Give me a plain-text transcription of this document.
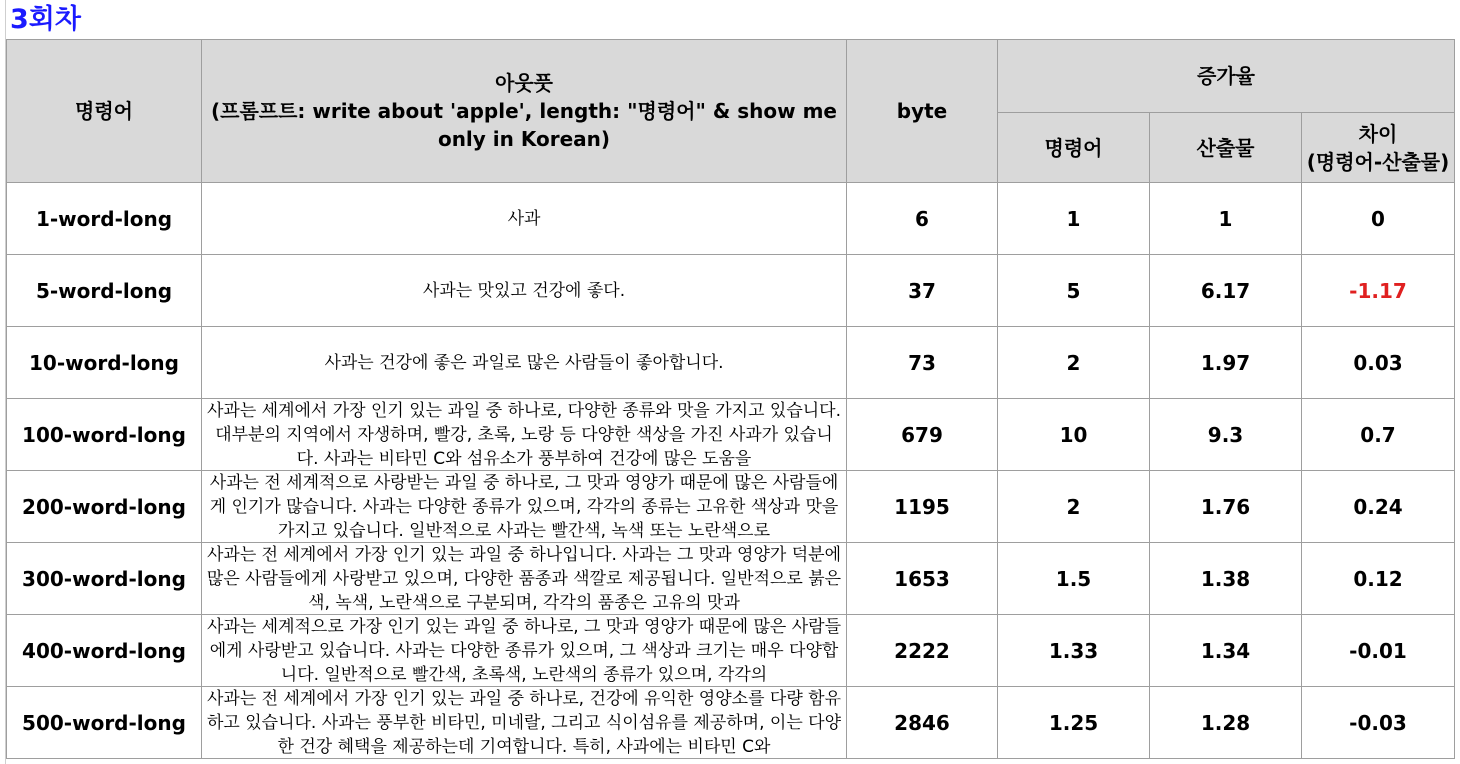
3회차
명령어	아웃풋
(프롬프트: write about 'apple', length: "명령어" & show me only in Korean)	byte	증가율		
			명령어	산출물	차이
(명령어-산출물)

1-word-long	사과	6	1	1	0
5-word-long	사과는 맛있고 건강에 좋다.	37	5	6.17	-1.17
10-word-long	사과는 건강에 좋은 과일로 많은 사람들이 좋아합니다.	73	2	1.97	0.03
100-word-long	사과는 세계에서 가장 인기 있는 과일 중 하나로, 다양한 종류와 맛을 가지고 있습니다. 대부분의 지역에서 자생하며, 빨강, 초록, 노랑 등 다양한 색상을 가진 사과가 있습니다. 사과는 비타민 C와 섬유소가 풍부하여 건강에 많은 도움을	679	10	9.3	0.7
200-word-long	사과는 전 세계적으로 사랑받는 과일 중 하나로, 그 맛과 영양가 때문에 많은 사람들에게 인기가 많습니다. 사과는 다양한 종류가 있으며, 각각의 종류는 고유한 색상과 맛을 가지고 있습니다. 일반적으로 사과는 빨간색, 녹색 또는 노란색으로	1195	2	1.76	0.24
300-word-long	사과는 전 세계에서 가장 인기 있는 과일 중 하나입니다. 사과는 그 맛과 영양가 덕분에 많은 사람들에게 사랑받고 있으며, 다양한 품종과 색깔로 제공됩니다. 일반적으로 붉은색, 녹색, 노란색으로 구분되며, 각각의 품종은 고유의 맛과	1653	1.5	1.38	0.12
400-word-long	사과는 세계적으로 가장 인기 있는 과일 중 하나로, 그 맛과 영양가 때문에 많은 사람들에게 사랑받고 있습니다. 사과는 다양한 종류가 있으며, 그 색상과 크기는 매우 다양합니다. 일반적으로 빨간색, 초록색, 노란색의 종류가 있으며, 각각의	2222	1.33	1.34	-0.01
500-word-long	사과는 전 세계에서 가장 인기 있는 과일 중 하나로, 건강에 유익한 영양소를 다량 함유하고 있습니다. 사과는 풍부한 비타민, 미네랄, 그리고 식이섬유를 제공하며, 이는 다양한 건강 혜택을 제공하는데 기여합니다. 특히, 사과에는 비타민 C와	2846	1.25	1.28	-0.03
